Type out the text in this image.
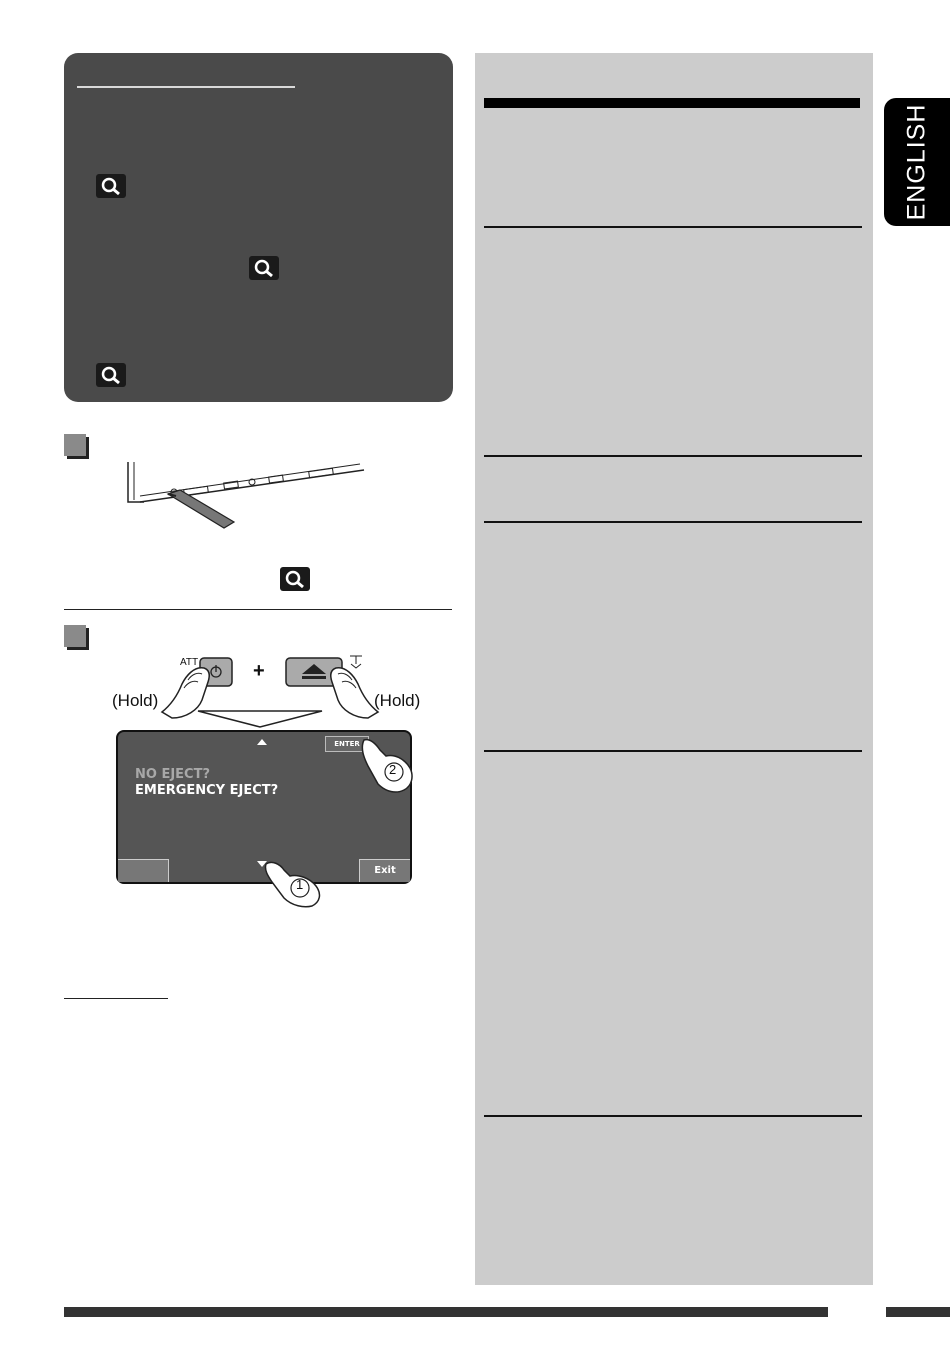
ATT	+
(Hold)	(Hold)
ENTER
NO EJECT?
EMERGENCY EJECT?
Exit
2
1
ENGLISH
